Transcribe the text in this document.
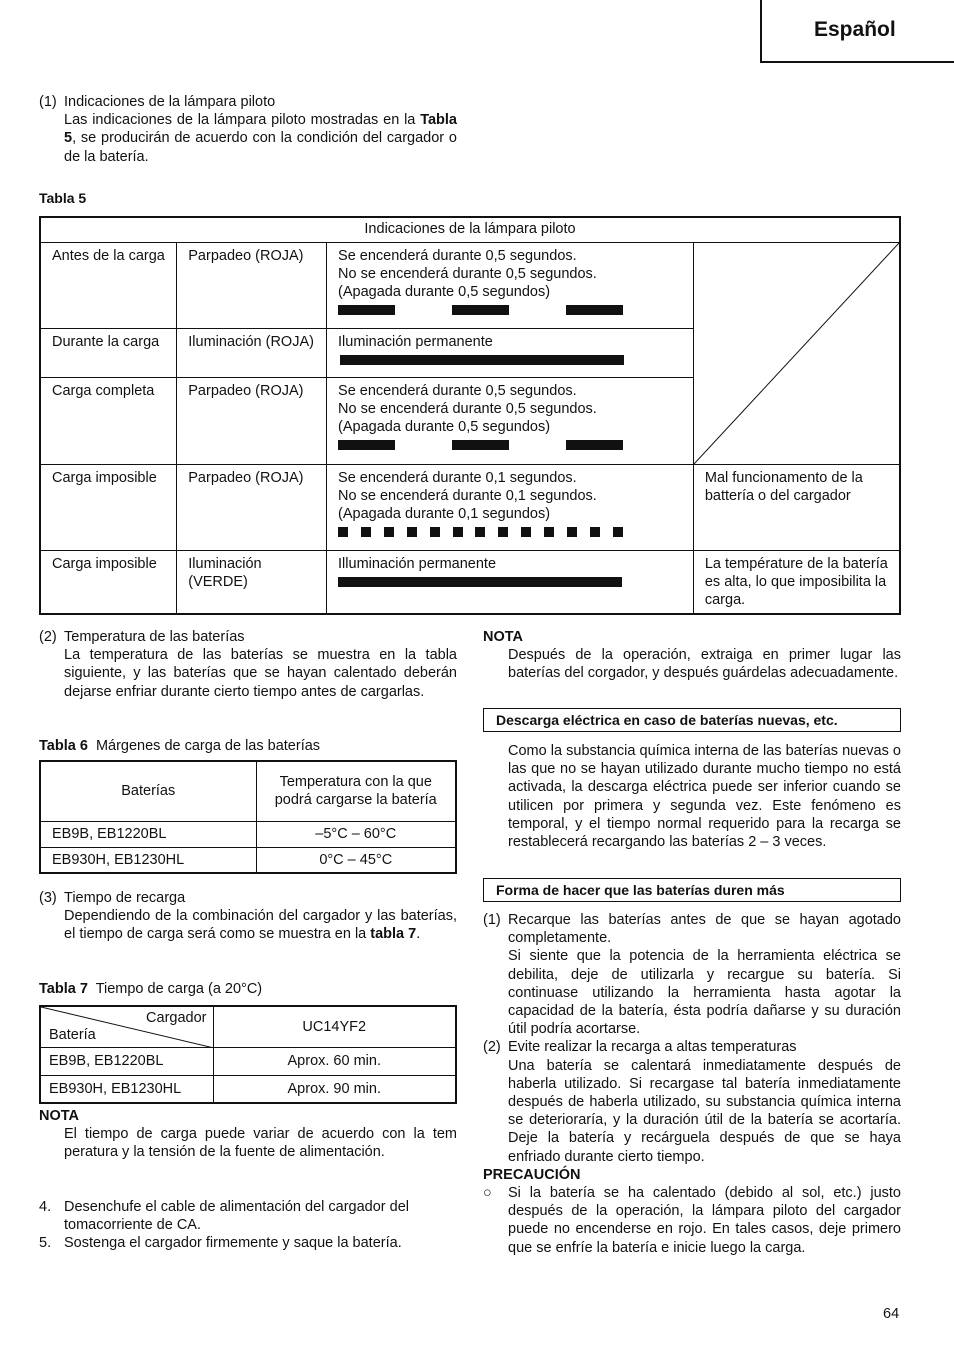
Español
(1) Indicaciones de la lámpara piloto
Las indicaciones de la lámpara piloto mostradas en la Tabla 5, se producirán de acuerdo con la condición del cargador o de la batería.
Tabla 5
Indicaciones de la lámpara piloto			
Antes de la carga	Parpadeo (ROJA)	Se encenderá durante 0,5 segundos.
No se encenderá durante 0,5 segundos.
(Apagada durante 0,5 segundos)

Durante la carga	Iluminación (ROJA)	Iluminación permanente	

Carga completa	Parpadeo (ROJA)	Se encenderá durante 0,5 segundos.
No se encenderá durante 0,5 segundos.
(Apagada durante 0,5 segundos)	

Carga imposible	Parpadeo (ROJA)	Se encenderá durante 0,1 segundos.
No se encenderá durante 0,1 segundos.
(Apagada durante 0,1 segundos)	Mal funcionamento de la battería o del cargador
Carga imposible	Iluminación (VERDE)	Illuminación permanente	La température de la batería es alta, lo que imposibilita la carga.
(2) Temperatura de las baterías
La temperatura de las baterías se muestra en la tabla siguiente, y las baterías que se hayan calentado deberán dejarse enfriar durante cierto tiempo antes de cargarlas.
Tabla 6 Márgenes de carga de las baterías
Baterías	Temperatura con la que podrá cargarse la batería
EB9B, EB1220BL	–5°C – 60°C
EB930H, EB1230HL	0°C – 45°C
(3) Tiempo de recarga
Dependiendo de la combinación del cargador y las baterías, el tiempo de carga será como se muestra en la tabla 7.
Tabla 7 Tiempo de carga (a 20°C)
Cargador
Batería	UC14YF2
EB9B, EB1220BL	Aprox. 60 min.
EB930H, EB1230HL	Aprox. 90 min.
NOTA
El tiempo de carga puede variar de acuerdo con la tem peratura y la tensión de la fuente de alimentación.
4. Desenchufe el cable de alimentación del cargador del tomacorriente de CA.
5. Sostenga el cargador firmemente y saque la batería.
NOTA
Después de la operación, extraiga en primer lugar las baterías del corgador, y después guárdelas adecuadamente.
Descarga eléctrica en caso de baterías nuevas, etc.
Como la substancia química interna de las baterías nuevas o las que no se hayan utilizado durante mucho tiempo no está activada, la descarga eléctrica puede ser inferior cuando se utilicen por primera y segunda vez. Este fenómeno es temporal, y el tiempo normal requerido para la recarga se restablecerá recargando las baterías 2 – 3 veces.
Forma de hacer que las baterías duren más
(1) Recarque las baterías antes de que se hayan agotado completamente.
Si siente que la potencia de la herramienta eléctrica se debilita, deje de utilizarla y recargue su batería. Si continuase utilizando la herramienta hasta agotar la capacidad de la batería, ésta podría dañarse y su duración útil podría acortarse.
(2) Evite realizar la recarga a altas temperaturas
Una batería se calentará inmediatamente después de haberla utilizado. Si recargase tal batería inmediatamente después de haberla utilizado, su substancia química interna se deterioraría, y la duración útil de la batería se acortaría. Deje la batería y recárguela después de que se haya enfriado durante cierto tiempo.
PRECAUCIÓN
○	Si la batería se ha calentado (debido al sol, etc.) justo después de la operación, la lámpara piloto del cargador puede no encenderse en rojo. En tales casos, deje primero que se enfríe la batería e inicie luego la carga.
64
